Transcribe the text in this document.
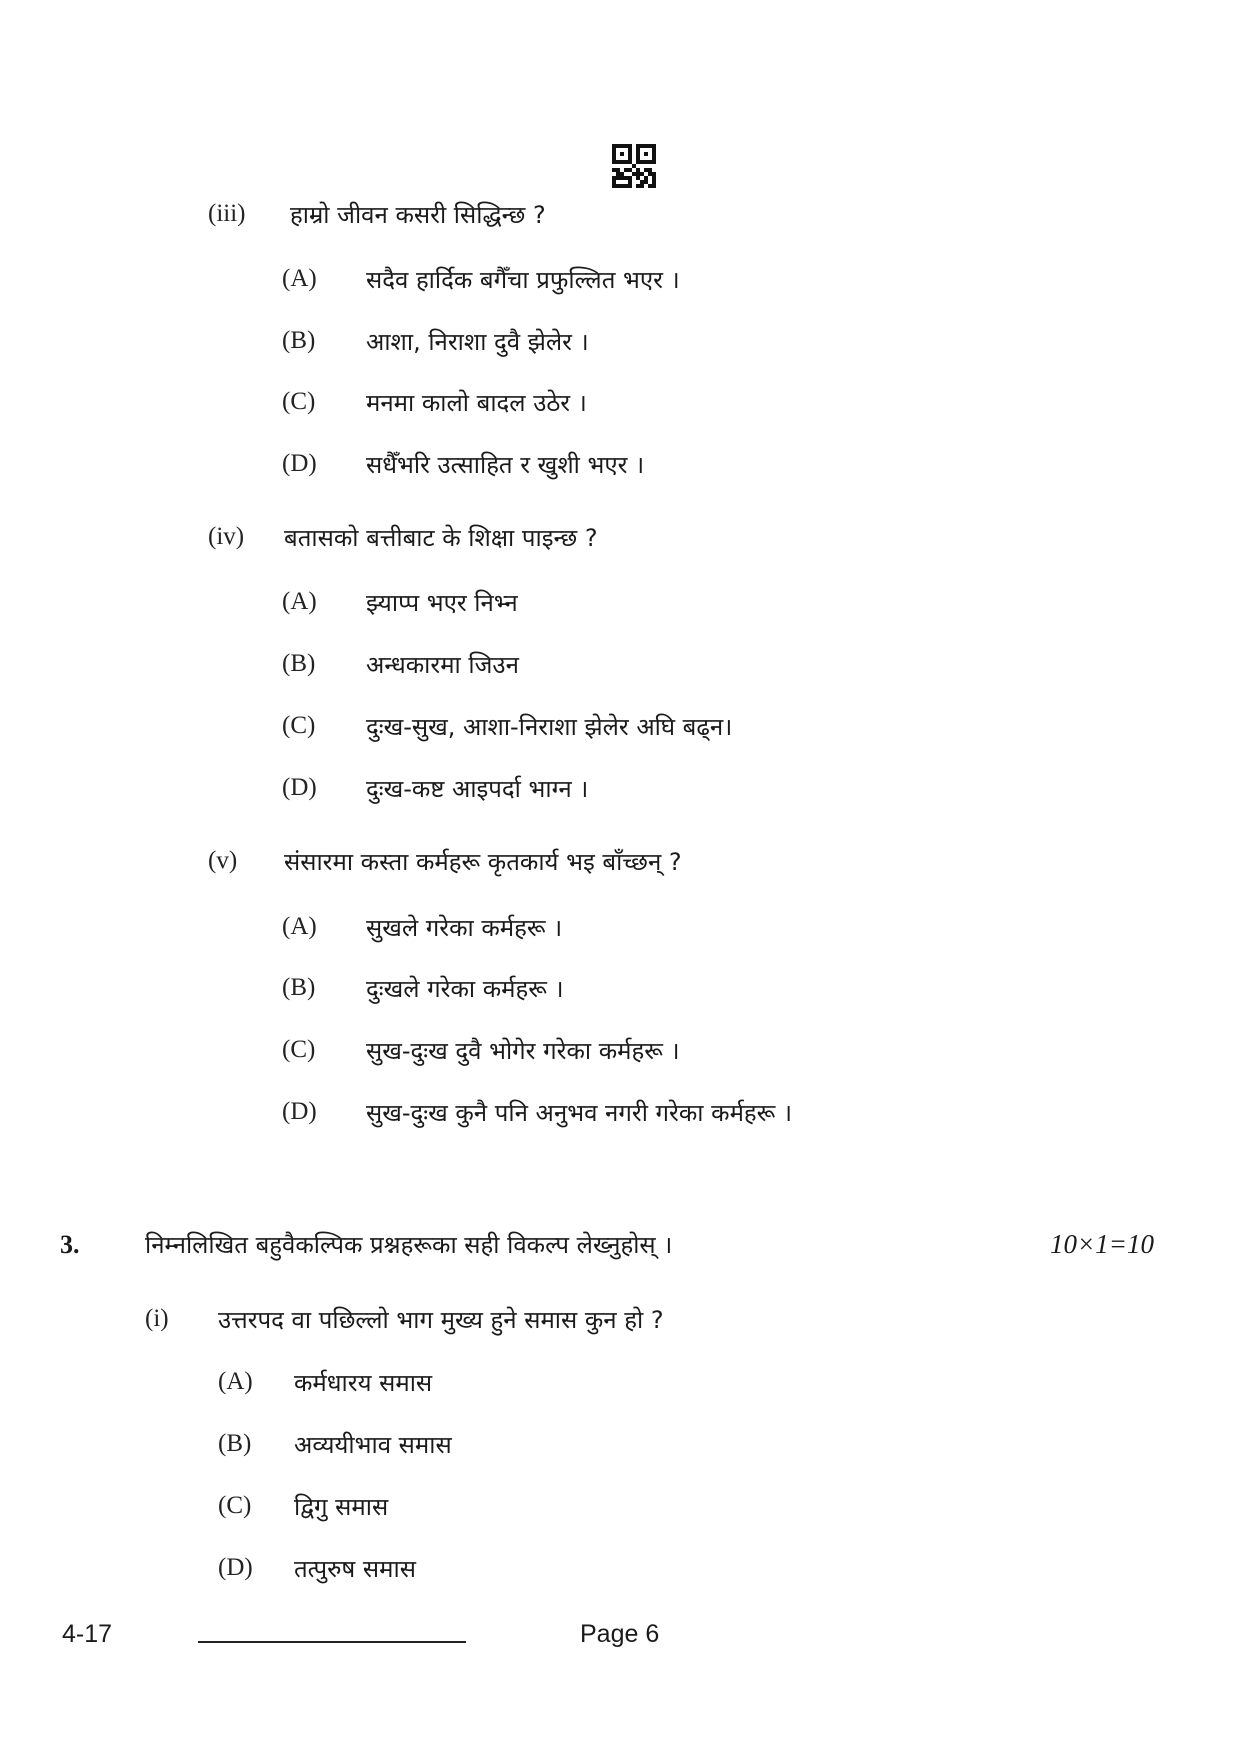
(iii) हाम्रो जीवन कसरी सिद्धिन्छ ?
(A) सदैव हार्दिक बगैँचा प्रफुल्लित भएर ।
(B) आशा, निराशा दुवै झेलेर ।
(C) मनमा कालो बादल उठेर ।
(D) सधैँभरि उत्साहित र खुशी भएर ।
(iv) बतासको बत्तीबाट के शिक्षा पाइन्छ ?
(A) झ्याप्प भएर निभ्न
(B) अन्धकारमा जिउन
(C) दुःख-सुख, आशा-निराशा झेलेर अघि बढ्न।
(D) दुःख-कष्ट आइपर्दा भाग्न ।
(v) संसारमा कस्ता कर्महरू कृतकार्य भइ बाँच्छन् ?
(A) सुखले गरेका कर्महरू ।
(B) दुःखले गरेका कर्महरू ।
(C) सुख-दुःख दुवै भोगेर गरेका कर्महरू ।
(D) सुख-दुःख कुनै पनि अनुभव नगरी गरेका कर्महरू ।
3.	निम्नलिखित बहुवैकल्पिक प्रश्नहरूका सही विकल्प लेख्नुहोस् ।	10×1=10
(i) उत्तरपद वा पछिल्लो भाग मुख्य हुने समास कुन हो ?
(A) कर्मधारय समास
(B) अव्ययीभाव समास
(C) द्विगु समास
(D) तत्पुरुष समास
4-17	Page 6
